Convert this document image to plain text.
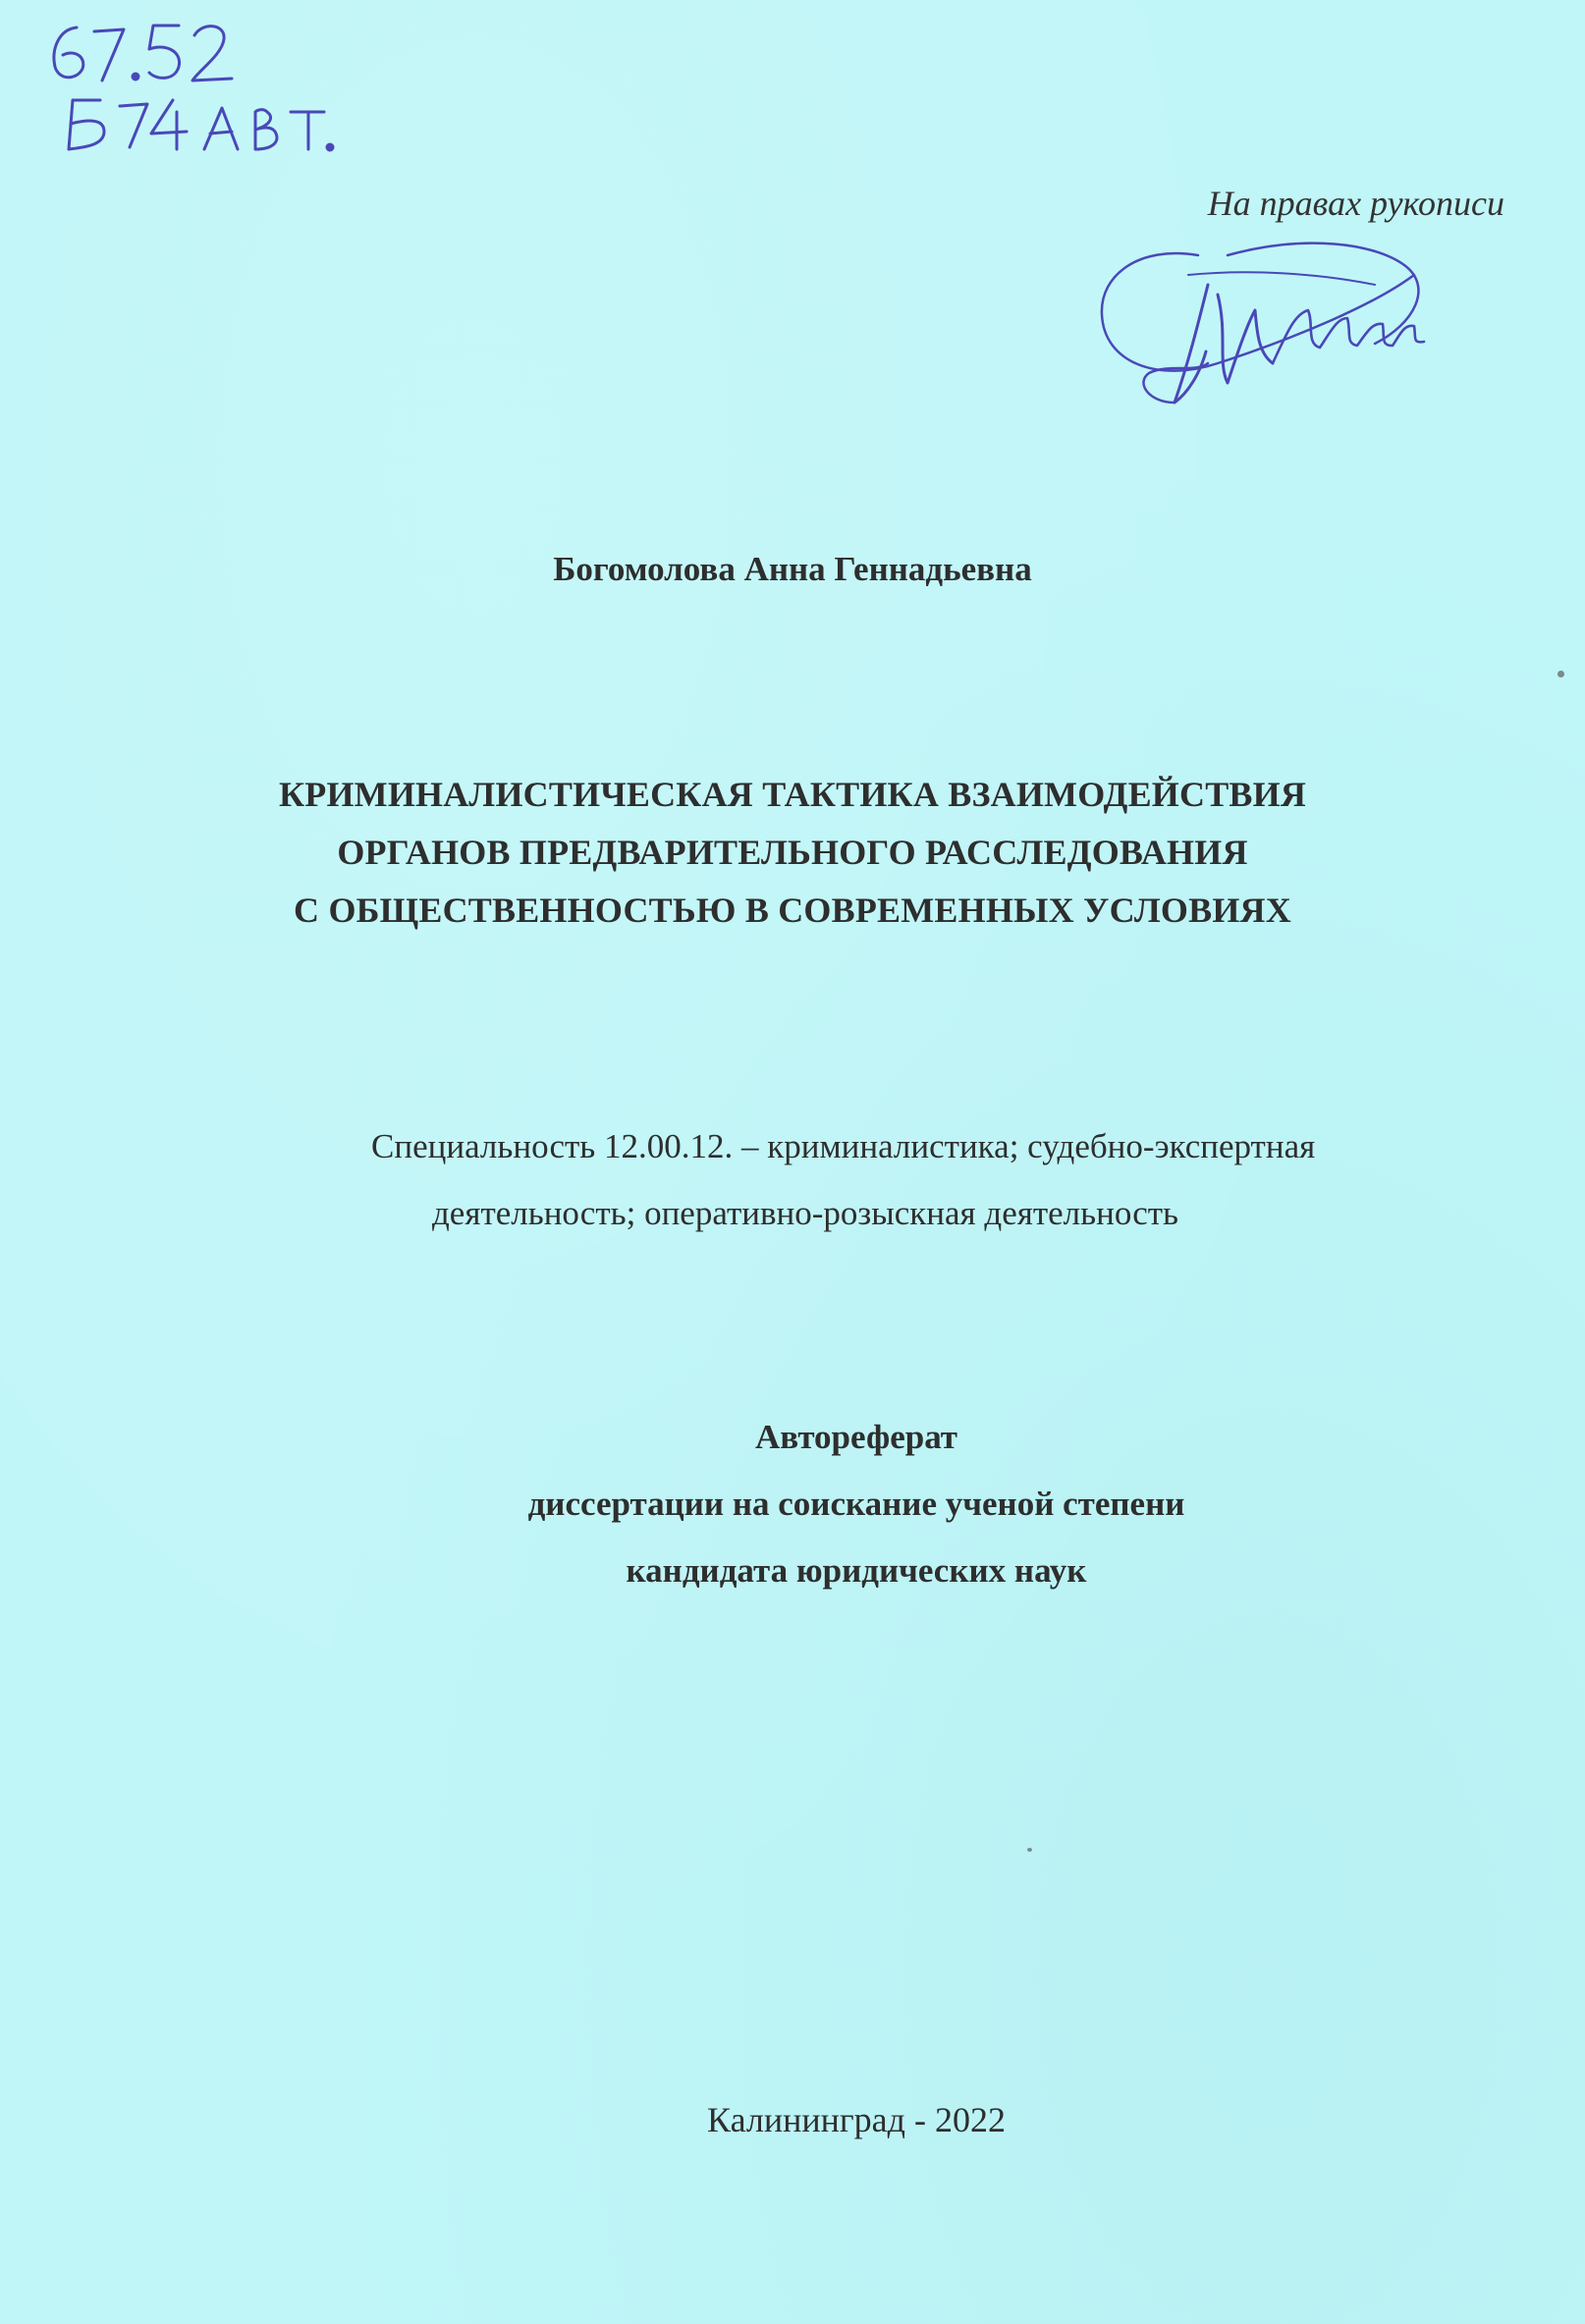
На правах рукописи
Богомолова Анна Геннадьевна
КРИМИНАЛИСТИЧЕСКАЯ ТАКТИКА ВЗАИМОДЕЙСТВИЯ
ОРГАНОВ ПРЕДВАРИТЕЛЬНОГО РАССЛЕДОВАНИЯ
С ОБЩЕСТВЕННОСТЬЮ В СОВРЕМЕННЫХ УСЛОВИЯХ
Специальность 12.00.12. – криминалистика; судебно-экспертная
деятельность; оперативно-розыскная деятельность
Автореферат
диссертации на соискание ученой степени
кандидата юридических наук
Калининград - 2022
